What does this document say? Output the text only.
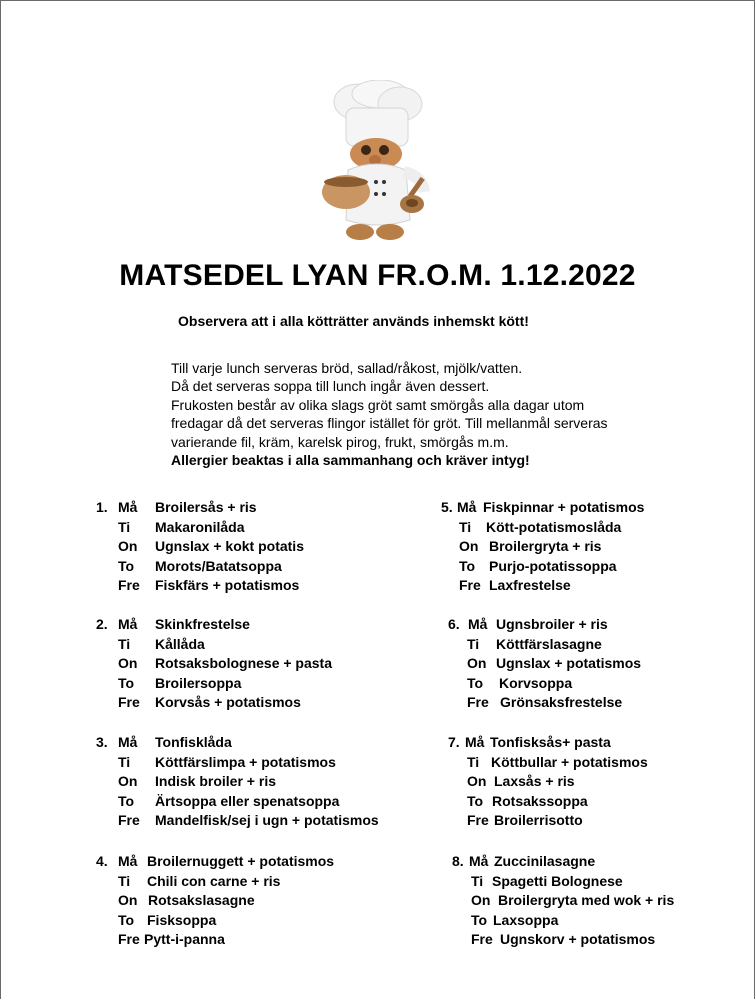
MATSEDEL LYAN FR.O.M. 1.12.2022
Observera att i alla kötträtter används inhemskt kött!
Till varje lunch serveras bröd, sallad/råkost, mjölk/vatten.
Då det serveras soppa till lunch ingår även dessert.
Frukosten består av olika slags gröt samt smörgås alla dagar utom
fredagar då det serveras flingor istället för gröt. Till mellanmål serveras
varierande fil, kräm, karelsk pirog, frukt, smörgås m.m.
Allergier beaktas i alla sammanhang och kräver intyg!
1. Må Broilersås + ris
Ti Makaronilåda
On Ugnslax + kokt potatis
To Morots/Batatsoppa
Fre Fiskfärs + potatismos
2. Må Skinkfrestelse
Ti Kållåda
On Rotsaksbolognese + pasta
To Broilersoppa
Fre Korvsås + potatismos
3. Må Tonfisklåda
Ti Köttfärslimpa + potatismos
On Indisk broiler + ris
To Ärtsoppa eller spenatsoppa
Fre Mandelfisk/sej i ugn + potatismos
4. Må Broilernuggett + potatismos
Ti Chili con carne + ris
On Rotsakslasagne
To Fisksoppa
Fre Pytt-i-panna
5. Må Fiskpinnar + potatismos
Ti Kött-potatismoslåda
On Broilergryta + ris
To Purjo-potatissoppa
Fre Laxfrestelse
6. Må Ugnsbroiler + ris
Ti Köttfärslasagne
On Ugnslax + potatismos
To Korvsoppa
Fre Grönsaksfrestelse
7. Må Tonfisksås+ pasta
Ti Köttbullar + potatismos
On Laxsås + ris
To Rotsakssoppa
Fre Broilerrisotto
8. Må Zuccinilasagne
Ti Spagetti Bolognese
On Broilergryta med wok + ris
To Laxsoppa
Fre Ugnskorv + potatismos
